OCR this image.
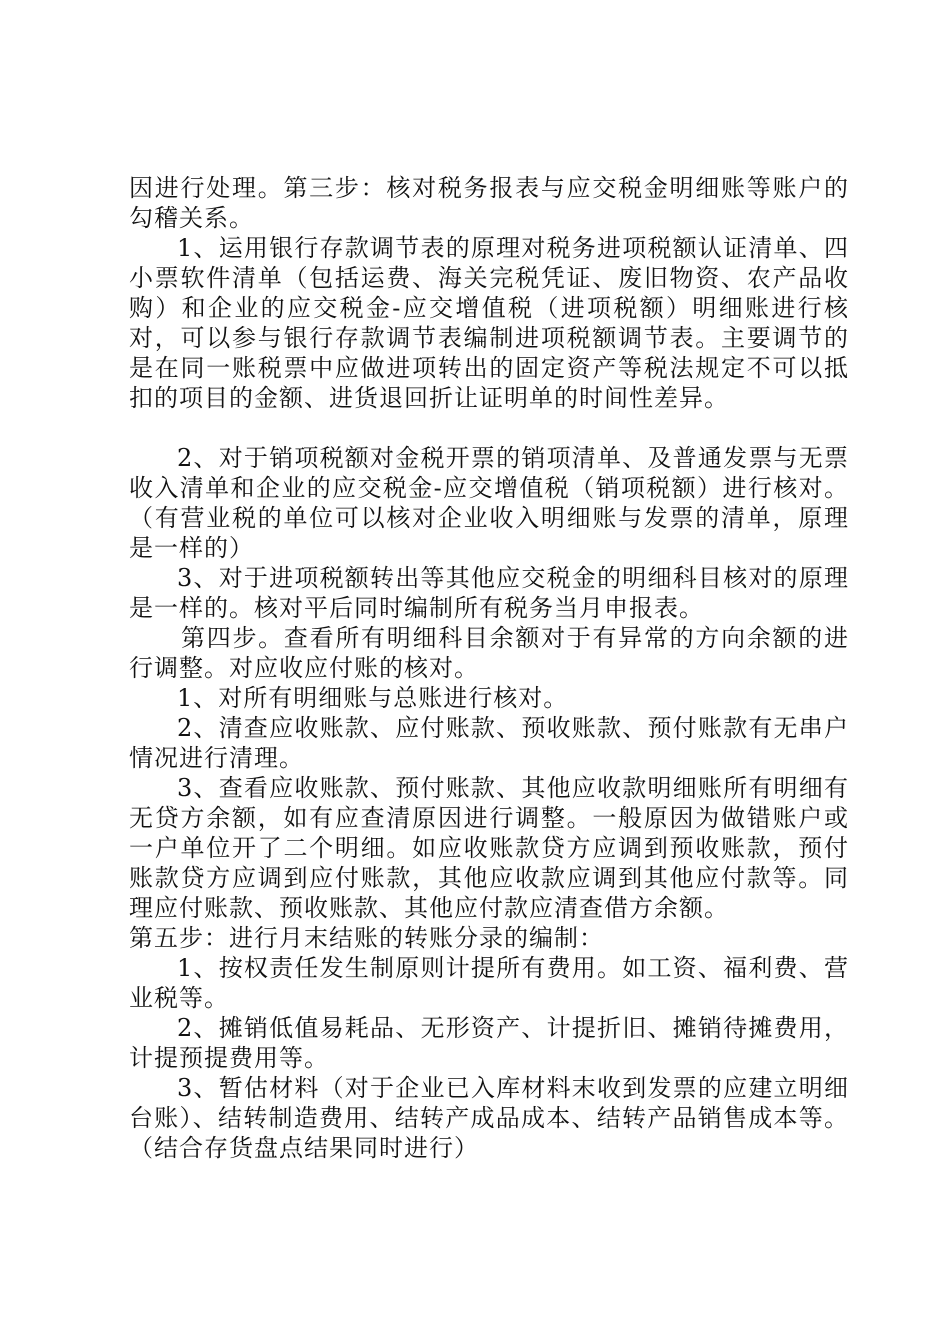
因进行处理。第三步：核对税务报表与应交税金明细账等账户的勾稽关系。

1、运用银行存款调节表的原理对税务进项税额认证清单、四小票软件清单（包括运费、海关完税凭证、废旧物资、农产品收购）和企业的应交税金-应交增值税（进项税额）明细账进行核对，可以参与银行存款调节表编制进项税额调节表。主要调节的是在同一账税票中应做进项转出的固定资产等税法规定不可以抵扣的项目的金额、进货退回折让证明单的时间性差异。

2、对于销项税额对金税开票的销项清单、及普通发票与无票收入清单和企业的应交税金-应交增值税（销项税额）进行核对。（有营业税的单位可以核对企业收入明细账与发票的清单，原理是一样的）

3、对于进项税额转出等其他应交税金的明细科目核对的原理是一样的。核对平后同时编制所有税务当月申报表。

第四步。查看所有明细科目余额对于有异常的方向余额的进行调整。对应收应付账的核对。

1、对所有明细账与总账进行核对。

2、清查应收账款、应付账款、预收账款、预付账款有无串户情况进行清理。

3、查看应收账款、预付账款、其他应收款明细账所有明细有无贷方余额，如有应查清原因进行调整。一般原因为做错账户或一户单位开了二个明细。如应收账款贷方应调到预收账款，预付账款贷方应调到应付账款，其他应收款应调到其他应付款等。同理应付账款、预收账款、其他应付款应清查借方余额。

第五步：进行月末结账的转账分录的编制：

1、按权责任发生制原则计提所有费用。如工资、福利费、营业税等。

2、摊销低值易耗品、无形资产、计提折旧、摊销待摊费用，计提预提费用等。

3、暂估材料（对于企业已入库材料末收到发票的应建立明细台账）、结转制造费用、结转产成品成本、结转产品销售成本等。（结合存货盘点结果同时进行）
